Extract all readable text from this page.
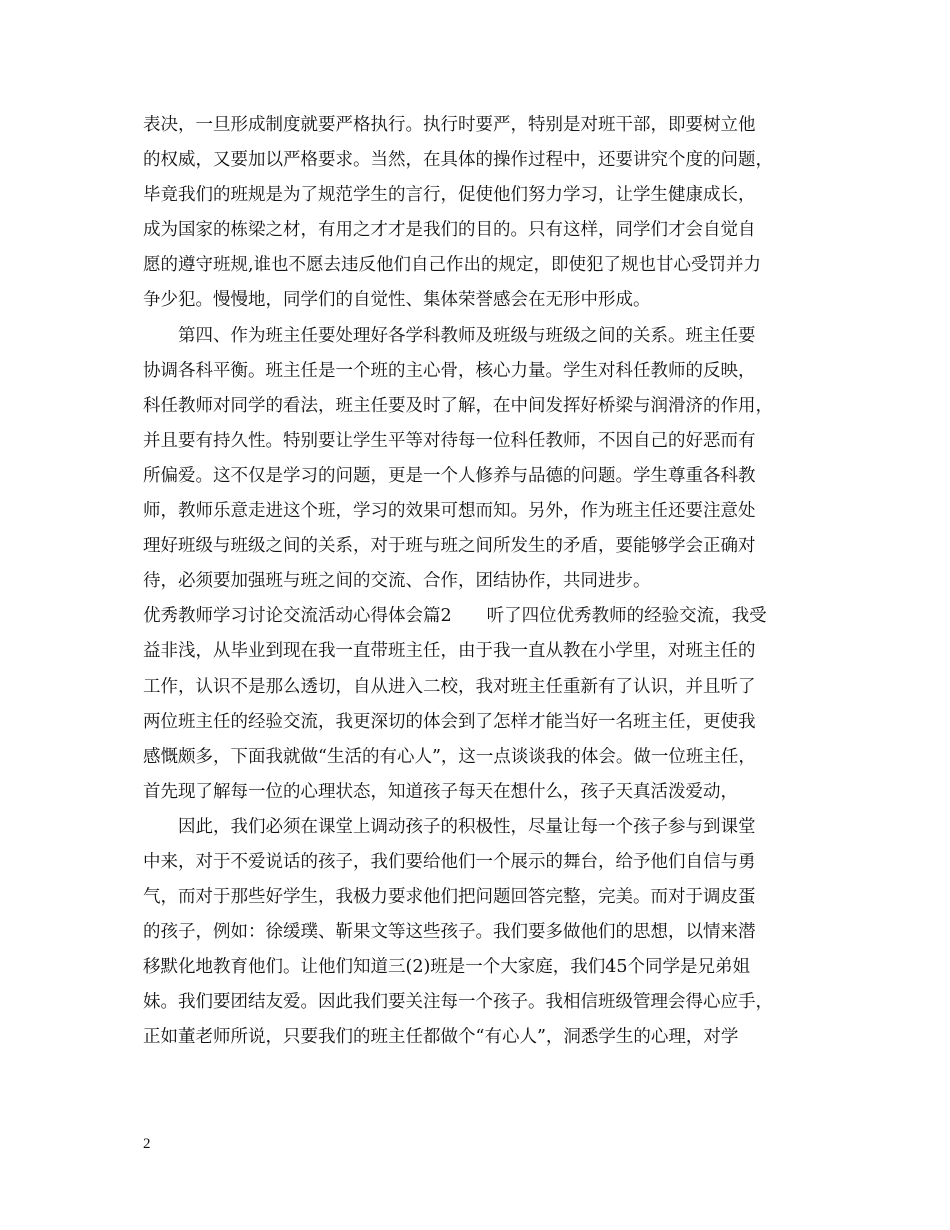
表决，一旦形成制度就要严格执行。执行时要严，特别是对班干部，即要树立他
的权威，又要加以严格要求。当然，在具体的操作过程中，还要讲究个度的问题，
毕竟我们的班规是为了规范学生的言行，促使他们努力学习，让学生健康成长，
成为国家的栋梁之材，有用之才才是我们的目的。只有这样，同学们才会自觉自
愿的遵守班规,谁也不愿去违反他们自己作出的规定，即使犯了规也甘心受罚并力
争少犯。慢慢地，同学们的自觉性、集体荣誉感会在无形中形成。
　　第四、作为班主任要处理好各学科教师及班级与班级之间的关系。班主任要
协调各科平衡。班主任是一个班的主心骨，核心力量。学生对科任教师的反映，
科任教师对同学的看法，班主任要及时了解，在中间发挥好桥梁与润滑济的作用，
并且要有持久性。特别要让学生平等对待每一位科任教师，不因自己的好恶而有
所偏爱。这不仅是学习的问题，更是一个人修养与品德的问题。学生尊重各科教
师，教师乐意走进这个班，学习的效果可想而知。另外，作为班主任还要注意处
理好班级与班级之间的关系，对于班与班之间所发生的矛盾，要能够学会正确对
待，必须要加强班与班之间的交流、合作，团结协作，共同进步。
优秀教师学习讨论交流活动心得体会篇2　　听了四位优秀教师的经验交流，我受
益非浅，从毕业到现在我一直带班主任，由于我一直从教在小学里，对班主任的
工作，认识不是那么透切，自从进入二校，我对班主任重新有了认识，并且听了
两位班主任的经验交流，我更深切的体会到了怎样才能当好一名班主任，更使我
感慨颇多，下面我就做“生活的有心人”，这一点谈谈我的体会。做一位班主任，
首先现了解每一位的心理状态，知道孩子每天在想什么，孩子天真活泼爱动，
　　因此，我们必须在课堂上调动孩子的积极性，尽量让每一个孩子参与到课堂
中来，对于不爱说话的孩子，我们要给他们一个展示的舞台，给予他们自信与勇
气，而对于那些好学生，我极力要求他们把问题回答完整，完美。而对于调皮蛋
的孩子，例如：徐缓璞、靳果文等这些孩子。我们要多做他们的思想，以情来潜
移默化地教育他们。让他们知道三(2)班是一个大家庭，我们45个同学是兄弟姐
妹。我们要团结友爱。因此我们要关注每一个孩子。我相信班级管理会得心应手，
正如董老师所说，只要我们的班主任都做个“有心人”，洞悉学生的心理，对学
2
